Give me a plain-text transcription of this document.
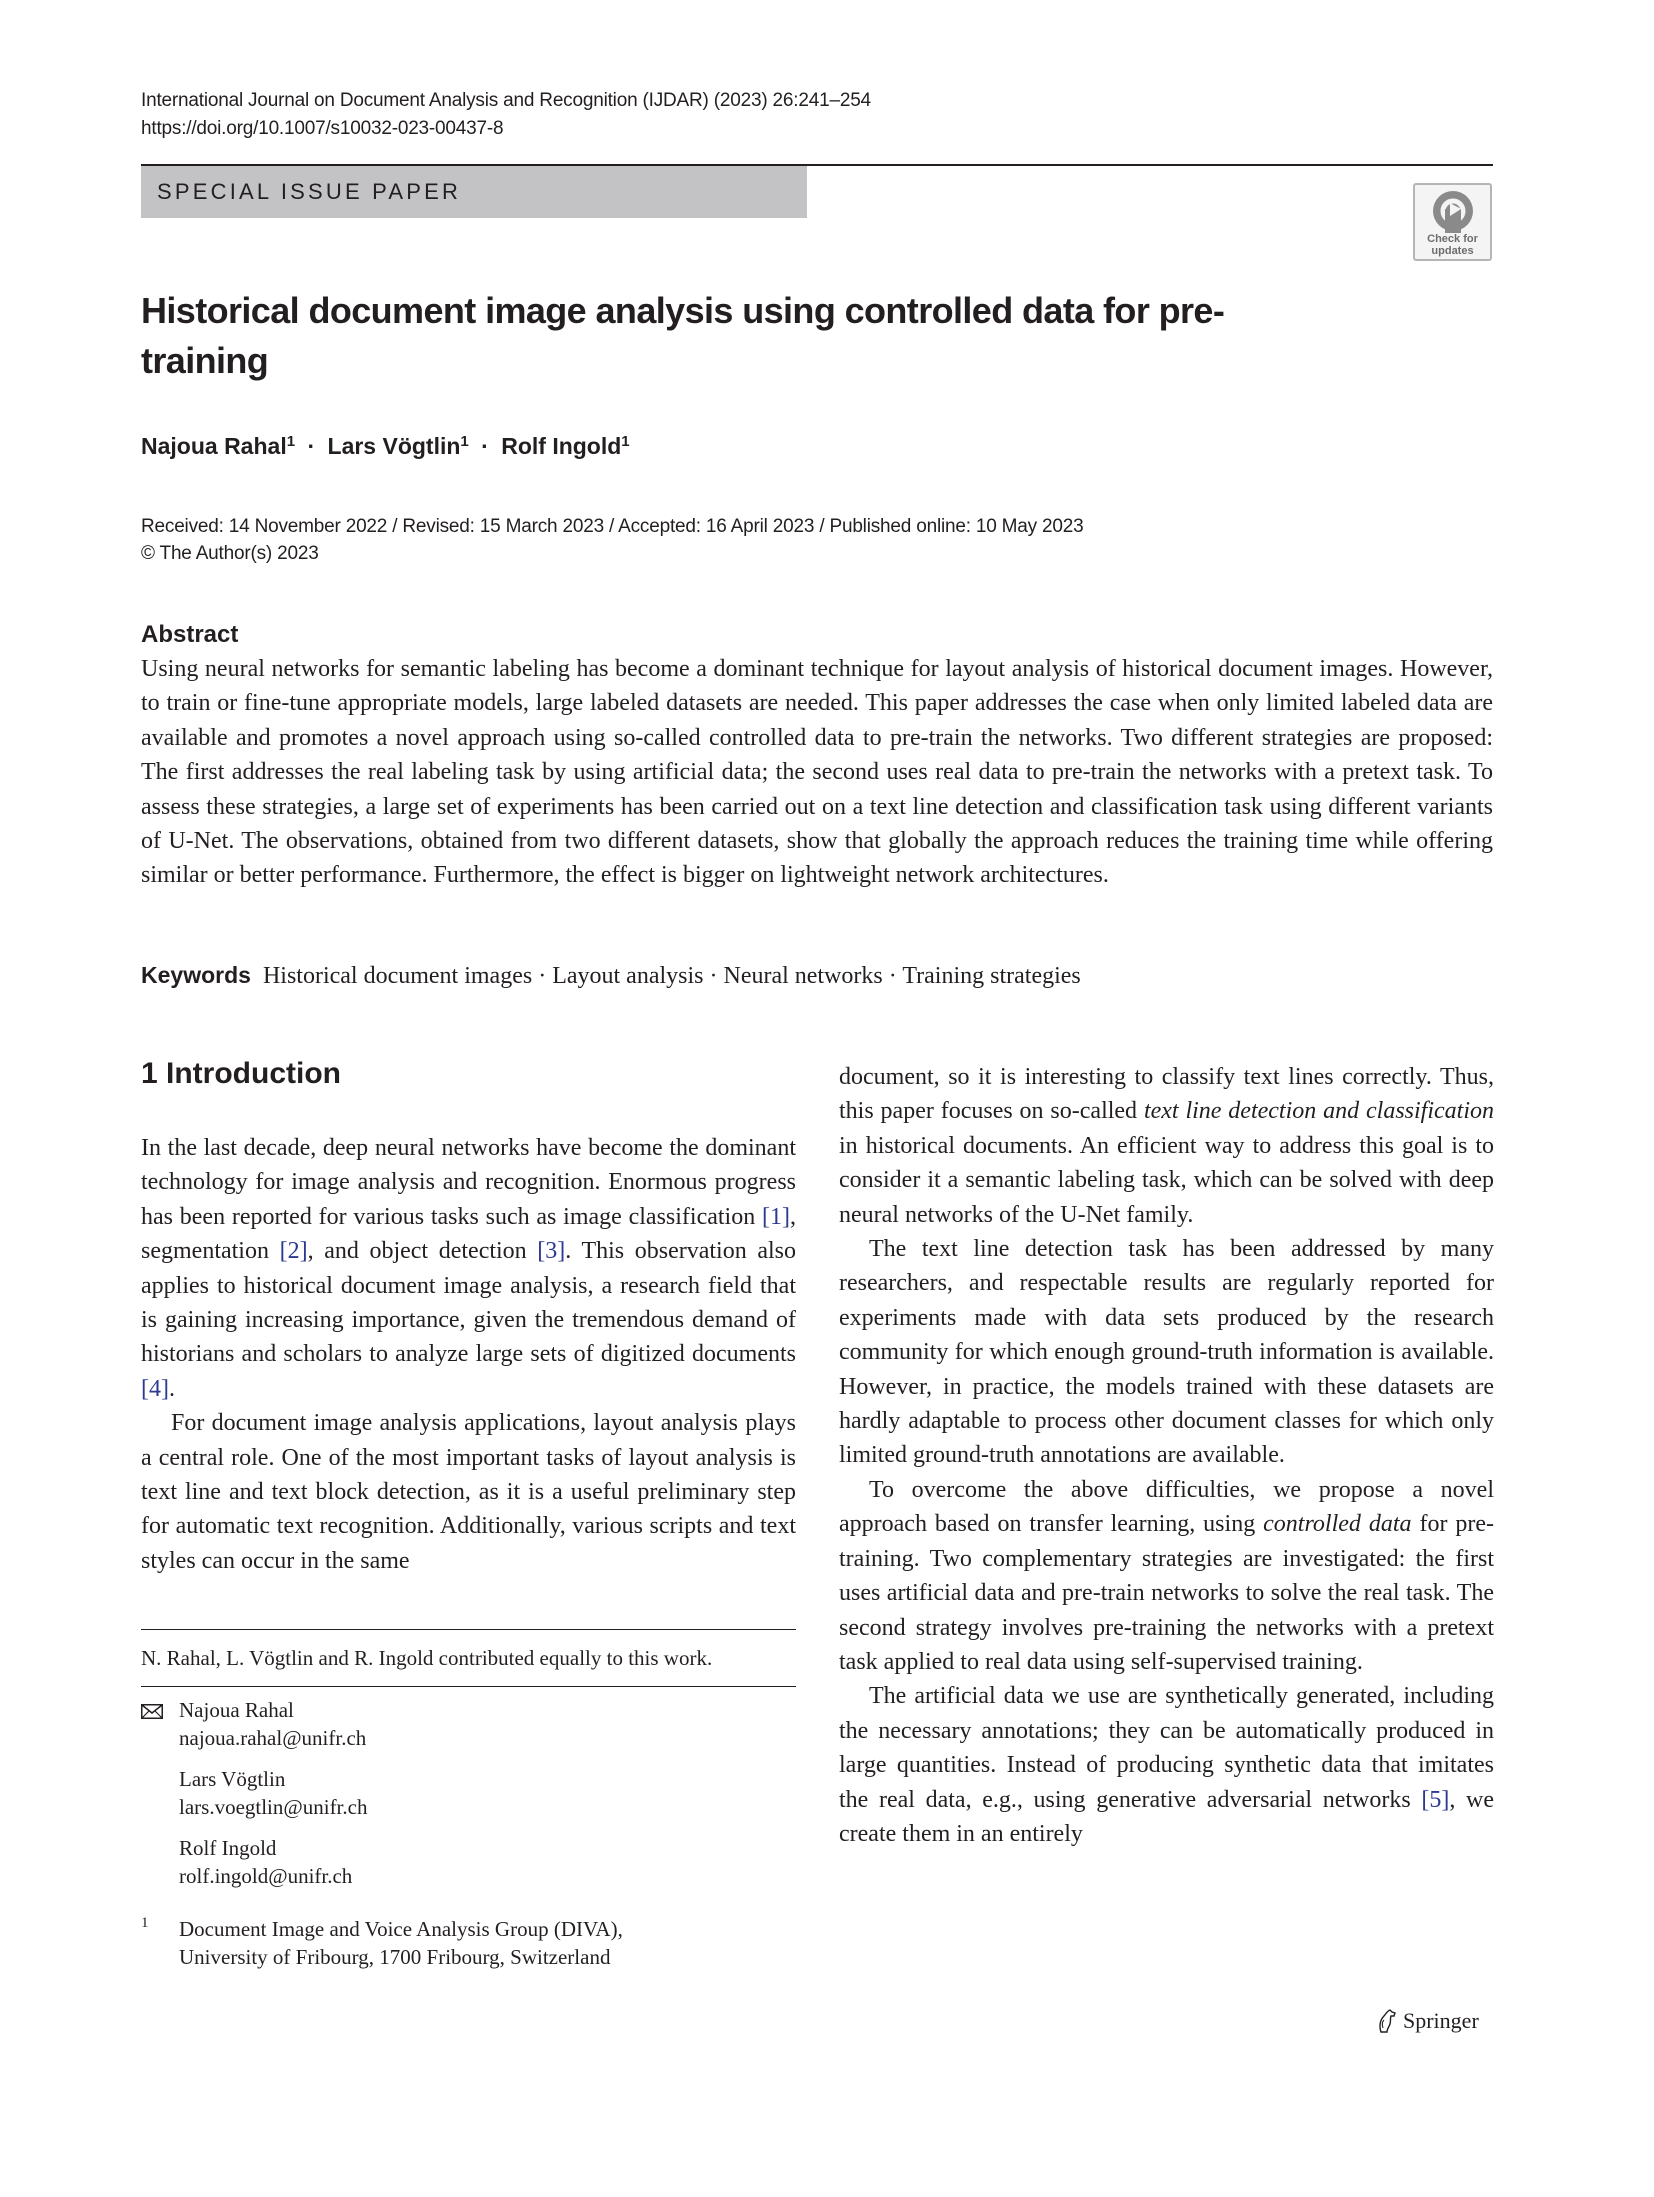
International Journal on Document Analysis and Recognition (IJDAR) (2023) 26:241–254
https://doi.org/10.1007/s10032-023-00437-8
SPECIAL ISSUE PAPER
Check for
updates
Historical document image analysis using controlled data for pre-training
Najoua Rahal$^1$ · Lars Vögtlin$^1$ · Rolf Ingold$^1$
Received: 14 November 2022 / Revised: 15 March 2023 / Accepted: 16 April 2023 / Published online: 10 May 2023
© The Author(s) 2023
Abstract

Using neural networks for semantic labeling has become a dominant technique for layout analysis of historical document images. However, to train or fine-tune appropriate models, large labeled datasets are needed. This paper addresses the case when only limited labeled data are available and promotes a novel approach using so-called controlled data to pre-train the networks. Two different strategies are proposed: The first addresses the real labeling task by using artificial data; the second uses real data to pre-train the networks with a pretext task. To assess these strategies, a large set of experiments has been carried out on a text line detection and classification task using different variants of U-Net. The observations, obtained from two different datasets, show that globally the approach reduces the training time while offering similar or better performance. Furthermore, the effect is bigger on lightweight network architectures.

Keywords Historical document images · Layout analysis · Neural networks · Training strategies
1 Introduction

In the last decade, deep neural networks have become the dominant technology for image analysis and recognition. Enormous progress has been reported for various tasks such as image classification [1], segmentation [2], and object detection [3]. This observation also applies to historical document image analysis, a research field that is gaining increasing importance, given the tremendous demand of historians and scholars to analyze large sets of digitized documents [4].

For document image analysis applications, layout analysis plays a central role. One of the most important tasks of layout analysis is text line and text block detection, as it is a useful preliminary step for automatic text recognition. Additionally, various scripts and text styles can occur in the same

document, so it is interesting to classify text lines correctly. Thus, this paper focuses on so-called text line detection and classification in historical documents. An efficient way to address this goal is to consider it a semantic labeling task, which can be solved with deep neural networks of the U-Net family.

The text line detection task has been addressed by many researchers, and respectable results are regularly reported for experiments made with data sets produced by the research community for which enough ground-truth information is available. However, in practice, the models trained with these datasets are hardly adaptable to process other document classes for which only limited ground-truth annotations are available.

To overcome the above difficulties, we propose a novel approach based on transfer learning, using controlled data for pre-training. Two complementary strategies are investigated: the first uses artificial data and pre-train networks to solve the real task. The second strategy involves pre-training the networks with a pretext task applied to real data using self-supervised training.

The artificial data we use are synthetically generated, including the necessary annotations; they can be automatically produced in large quantities. Instead of producing synthetic data that imitates the real data, e.g., using generative adversarial networks [5], we create them in an entirely

N. Rahal, L. Vögtlin and R. Ingold contributed equally to this work.
Najoua Rahal
najoua.rahal@unifr.ch
Lars Vögtlin
lars.voegtlin@unifr.ch
Rolf Ingold
rolf.ingold@unifr.ch
1	Document Image and Voice Analysis Group (DIVA),
University of Fribourg, 1700 Fribourg, Switzerland
Springer
